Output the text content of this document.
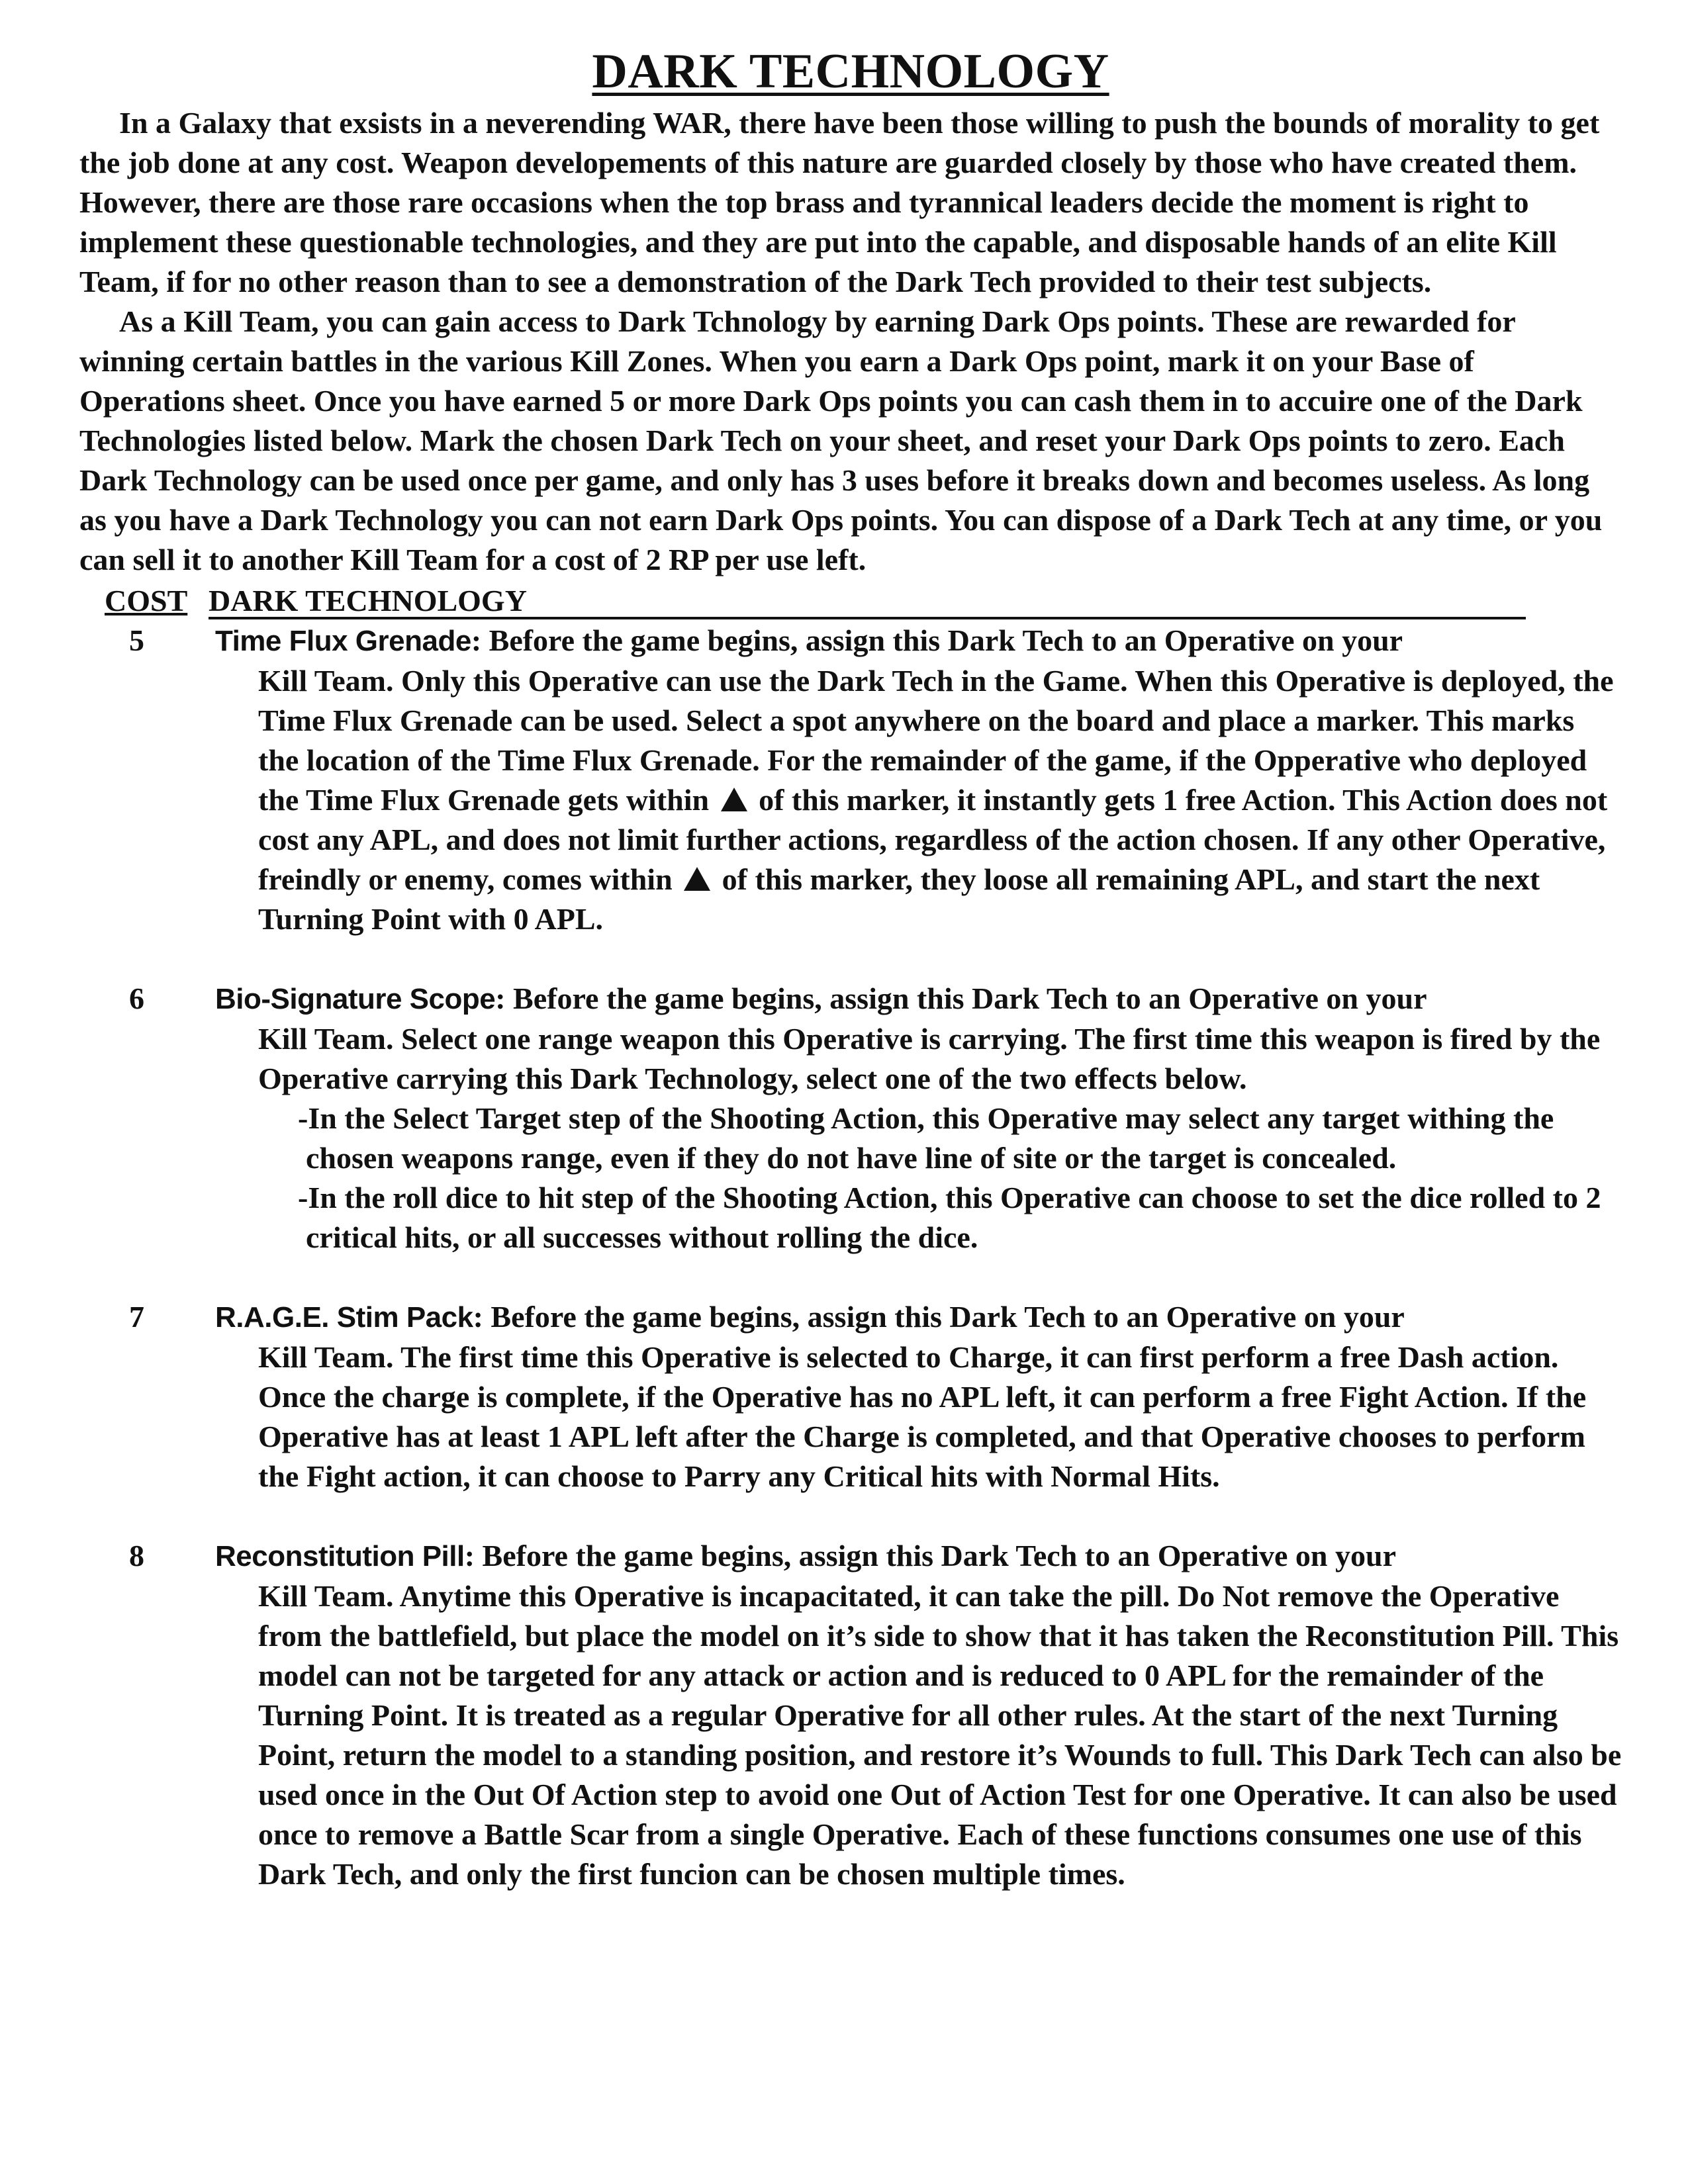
DARK TECHNOLOGY

In a Galaxy that exsists in a neverending WAR, there have been those willing to push the bounds of morality to get the job done at any cost. Weapon developements of this nature are guarded closely by those who have created them. However, there are those rare occasions when the top brass and tyrannical leaders decide the moment is right to implement these questionable technologies, and they are put into the capable, and disposable hands of an elite Kill Team, if for no other reason than to see a demonstration of the Dark Tech provided to their test subjects.

As a Kill Team, you can gain access to Dark Tchnology by earning Dark Ops points. These are rewarded for winning certain battles in the various Kill Zones. When you earn a Dark Ops point, mark it on your Base of Operations sheet. Once you have earned 5 or more Dark Ops points you can cash them in to accuire one of the Dark Technologies listed below. Mark the chosen Dark Tech on your sheet, and reset your Dark Ops points to zero. Each Dark Technology can be used once per game, and only has 3 uses before it breaks down and becomes useless. As long as you have a Dark Technology you can not earn Dark Ops points. You can dispose of a Dark Tech at any time, or you can sell it to another Kill Team for a cost of 2 RP per use left.

COST DARK TECHNOLOGY
5	Time Flux Grenade: Before the game begins, assign this Dark Tech to an Operative on your

Kill Team. Only this Operative can use the Dark Tech in the Game. When this Operative is deployed, the Time Flux Grenade can be used. Select a spot anywhere on the board and place a marker. This marks the location of the Time Flux Grenade. For the remainder of the game, if the Opperative who deployed the Time Flux Grenade gets within of this marker, it instantly gets 1 free Action. This Action does not cost any APL, and does not limit further actions, regardless of the action chosen. If any other Operative, freindly or enemy, comes within of this marker, they loose all remaining APL, and start the next Turning Point with 0 APL.

6	Bio-Signature Scope: Before the game begins, assign this Dark Tech to an Operative on your

Kill Team. Select one range weapon this Operative is carrying. The first time this weapon is fired by the Operative carrying this Dark Technology, select one of the two effects below.

-In the Select Target step of the Shooting Action, this Operative may select any target withing the chosen weapons range, even if they do not have line of site or the target is concealed.

-In the roll dice to hit step of the Shooting Action, this Operative can choose to set the dice rolled to 2 critical hits, or all successes without rolling the dice.

7	R.A.G.E. Stim Pack: Before the game begins, assign this Dark Tech to an Operative on your

Kill Team. The first time this Operative is selected to Charge, it can first perform a free Dash action. Once the charge is complete, if the Operative has no APL left, it can perform a free Fight Action. If the Operative has at least 1 APL left after the Charge is completed, and that Operative chooses to perform the Fight action, it can choose to Parry any Critical hits with Normal Hits.

8	Reconstitution Pill: Before the game begins, assign this Dark Tech to an Operative on your

Kill Team. Anytime this Operative is incapacitated, it can take the pill. Do Not remove the Operative from the battlefield, but place the model on it’s side to show that it has taken the Reconstitution Pill. This model can not be targeted for any attack or action and is reduced to 0 APL for the remainder of the Turning Point. It is treated as a regular Operative for all other rules. At the start of the next Turning Point, return the model to a standing position, and restore it’s Wounds to full. This Dark Tech can also be used once in the Out Of Action step to avoid one Out of Action Test for one Operative. It can also be used once to remove a Battle Scar from a single Operative. Each of these functions consumes one use of this Dark Tech, and only the first funcion can be chosen multiple times.
